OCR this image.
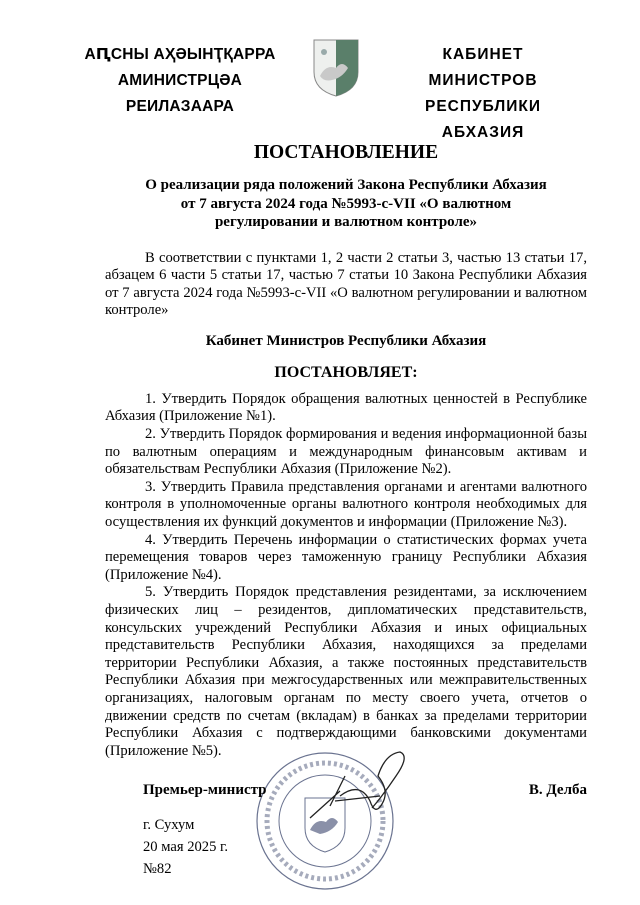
АԤСНЫ АҲӘЫНҬҚАРРА
АМИНИСТРЦӘА РЕИЛАЗААРА
КАБИНЕТ МИНИСТРОВ
РЕСПУБЛИКИ АБХАЗИЯ
ПОСТАНОВЛЕНИЕ
О реализации ряда положений Закона Республики Абхазия
от 7 августа 2024 года №5993-с-VII «О валютном
регулировании и валютном контроле»

В соответствии с пунктами 1, 2 части 2 статьи 3, частью 13 статьи 17, абзацем 6 части 5 статьи 17, частью 7 статьи 10 Закона Республики Абхазия от 7 августа 2024 года №5993-с-VII «О валютном регулировании и валютном контроле»

Кабинет Министров Республики Абхазия
ПОСТАНОВЛЯЕТ:

1. Утвердить Порядок обращения валютных ценностей в Республике Абхазия (Приложение №1).

2. Утвердить Порядок формирования и ведения информационной базы по валютным операциям и международным финансовым активам и обязательствам Республики Абхазия (Приложение №2).

3. Утвердить Правила представления органами и агентами валютного контроля в уполномоченные органы валютного контроля необходимых для осуществления их функций документов и информации (Приложение №3).

4. Утвердить Перечень информации о статистических формах учета перемещения товаров через таможенную границу Республики Абхазия (Приложение №4).

5. Утвердить Порядок представления резидентами, за исключением физических лиц – резидентов, дипломатических представительств, консульских учреждений Республики Абхазия и иных официальных представительств Республики Абхазия, находящихся за пределами территории Республики Абхазия, а также постоянных представительств Республики Абхазия при межгосударственных или межправительственных организациях, налоговым органам по месту своего учета, отчетов о движении средств по счетам (вкладам) в банках за пределами территории Республики Абхазия с подтверждающими банковскими документами (Приложение №5).

Премьер-министр	В. Делба
г. Сухум
20 мая 2025 г.
№82
